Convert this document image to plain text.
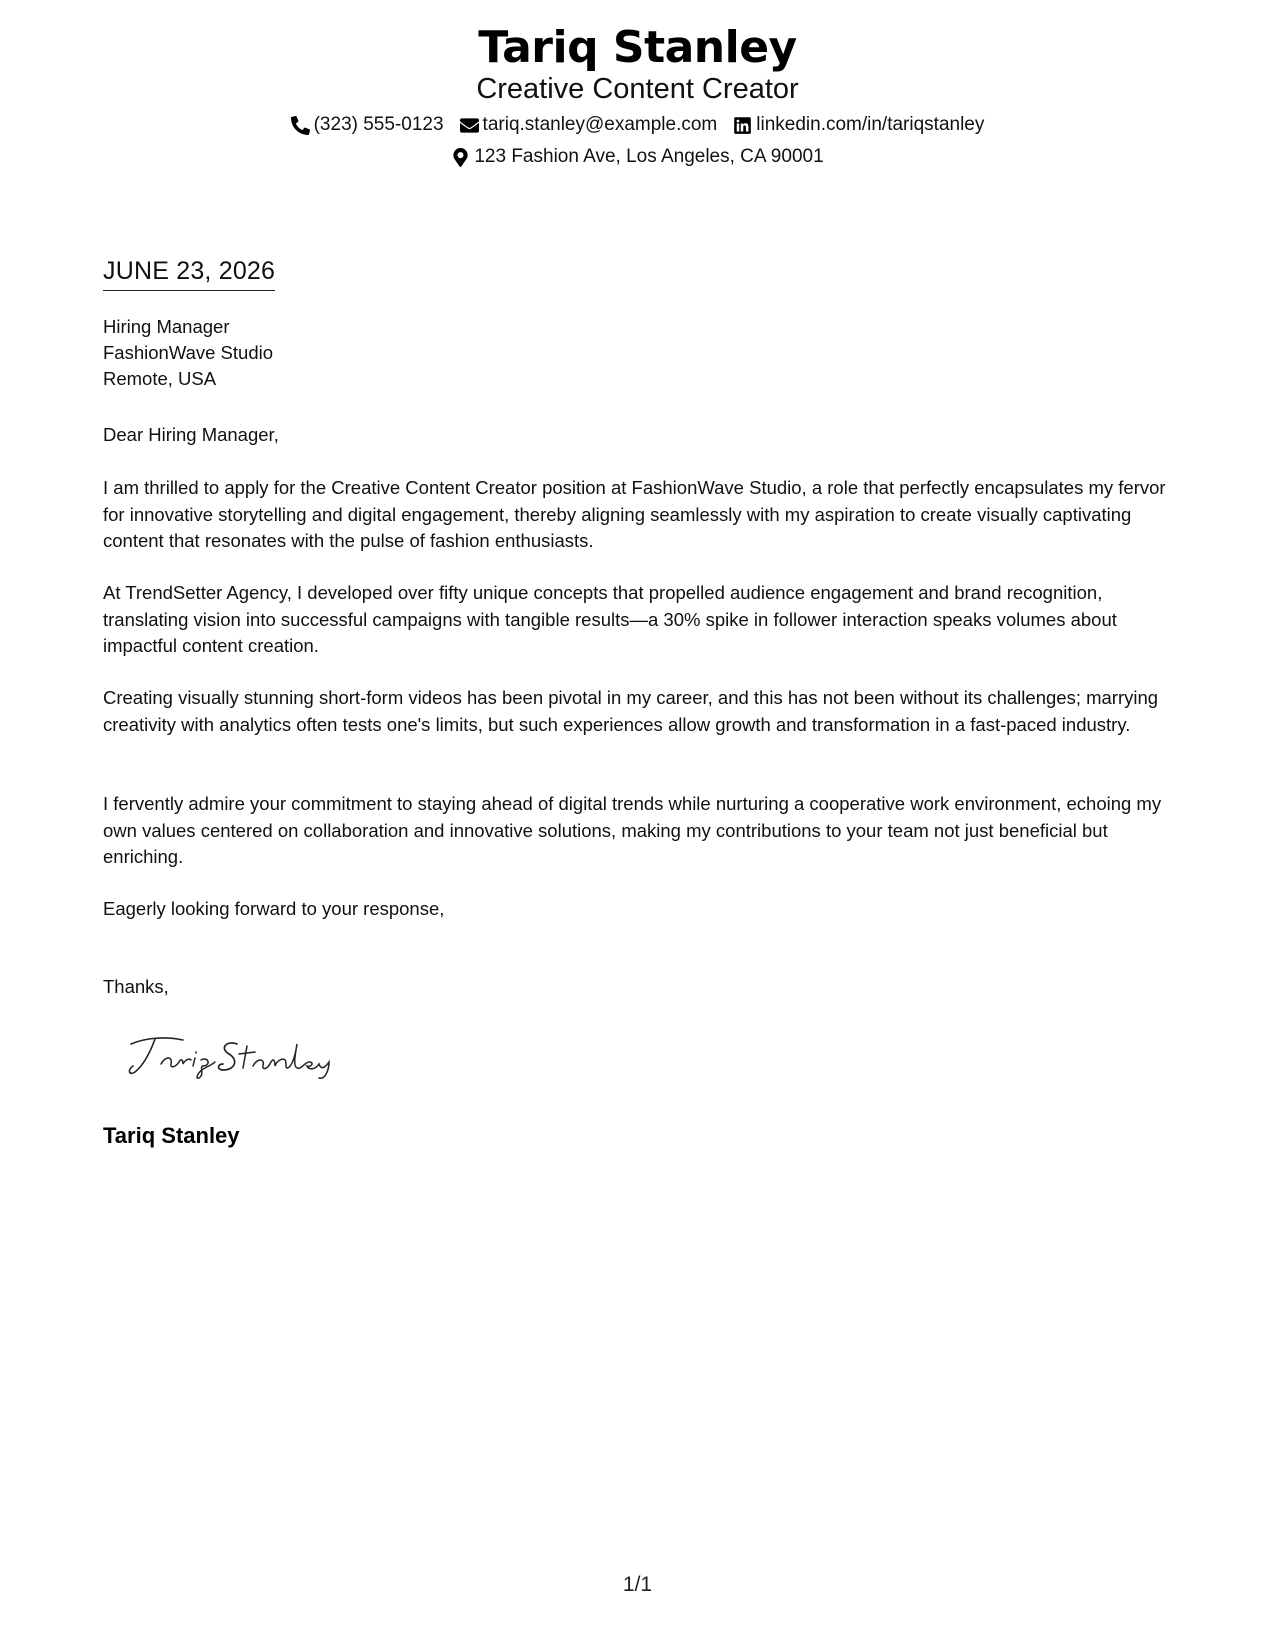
Tariq Stanley
Creative Content Creator
(323) 555-0123 tariq.stanley@example.com linkedin.com/in/tariqstanley
123 Fashion Ave, Los Angeles, CA 90001
JUNE 23, 2026
Hiring Manager
FashionWave Studio
Remote, USA

Dear Hiring Manager,

I am thrilled to apply for the Creative Content Creator position at FashionWave Studio, a role that perfectly encapsulates my fervor for innovative storytelling and digital engagement, thereby aligning seamlessly with my aspiration to create visually captivating content that resonates with the pulse of fashion enthusiasts.

At TrendSetter Agency, I developed over fifty unique concepts that propelled audience engagement and brand recognition, translating vision into successful campaigns with tangible results—a 30% spike in follower interaction speaks volumes about impactful content creation.

Creating visually stunning short-form videos has been pivotal in my career, and this has not been without its challenges; marrying creativity with analytics often tests one's limits, but such experiences allow growth and transformation in a fast-paced industry.

I fervently admire your commitment to staying ahead of digital trends while nurturing a cooperative work environment, echoing my own values centered on collaboration and innovative solutions, making my contributions to your team not just beneficial but enriching.

Eagerly looking forward to your response,

Thanks,

Tariq Stanley
1/1
